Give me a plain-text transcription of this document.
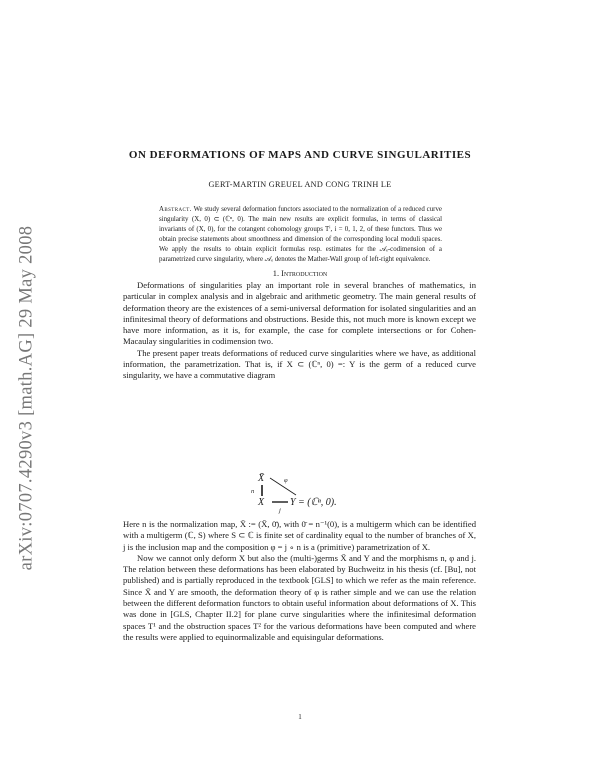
arXiv:0707.4290v3 [math.AG] 29 May 2008
ON DEFORMATIONS OF MAPS AND CURVE SINGULARITIES
GERT-MARTIN GREUEL AND CONG TRINH LE
Abstract. We study several deformation functors associated to the normalization of a reduced curve singularity (X, 0) ⊂ (ℂⁿ, 0). The main new results are explicit formulas, in terms of classical invariants of (X, 0), for the cotangent cohomology groups Tⁱ, i = 0, 1, 2, of these functors. Thus we obtain precise statements about smoothness and dimension of the corresponding local moduli spaces. We apply the results to obtain explicit formulas resp. estimates for the 𝒜ₑ-codimension of a parametrized curve singularity, where 𝒜ₑ denotes the Mather-Wall group of left-right equivalence.
1. Introduction

Deformations of singularities play an important role in several branches of mathematics, in particular in complex analysis and in algebraic and arithmetic geometry. The main general results of deformation theory are the existences of a semi-universal deformation for isolated singularities and an infinitesimal theory of deformations and obstructions. Beside this, not much more is known except we have more information, as it is, for example, the case for complete intersections or for Cohen-Macaulay singularities in codimension two.

The present paper treats deformations of reduced curve singularities where we have, as additional information, the parametrization. That is, if X ⊂ (ℂⁿ, 0) =: Y is the germ of a reduced curve singularity, we have a commutative diagram

X̄
n
φ
X
j
Y = (ℂⁿ, 0).

Here n is the normalization map, X̄ := (X̄, 0̄), with 0̄ = n⁻¹(0), is a multigerm which can be identified with a multigerm (ℂ, S) where S ⊂ ℂ is finite set of cardinality equal to the number of branches of X, j is the inclusion map and the composition φ = j ∘ n is a (primitive) parametrization of X.

Now we cannot only deform X but also the (multi-)germs X̄ and Y and the morphisms n, φ and j. The relation between these deformations has been elaborated by Buchweitz in his thesis (cf. [Bu], not published) and is partially reproduced in the textbook [GLS] to which we refer as the main reference. Since X̄ and Y are smooth, the deformation theory of φ is rather simple and we can use the relation between the different deformation functors to obtain useful information about deformations of X. This was done in [GLS, Chapter II.2] for plane curve singularities where the infinitesimal deformation spaces T¹ and the obstruction spaces T² for the various deformations have been computed and where the results were applied to equinormalizable and equisingular deformations.

1
